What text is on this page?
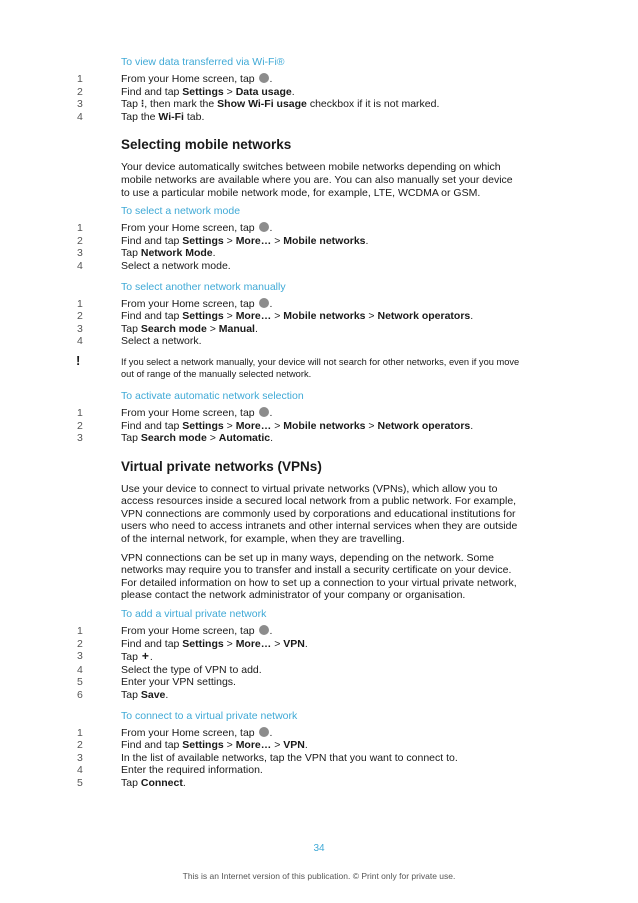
To view data transferred via Wi-Fi®
1	From your Home screen, tap .
2	Find and tap Settings > Data usage.
3	Tap ⁝, then mark the Show Wi-Fi usage checkbox if it is not marked.
4	Tap the Wi-Fi tab.
Selecting mobile networks

Your device automatically switches between mobile networks depending on which mobile networks are available where you are. You can also manually set your device to use a particular mobile network mode, for example, LTE, WCDMA or GSM.

To select a network mode
1	From your Home screen, tap .
2	Find and tap Settings > More… > Mobile networks.
3	Tap Network Mode.
4	Select a network mode.
To select another network manually
1	From your Home screen, tap .
2	Find and tap Settings > More… > Mobile networks > Network operators.
3	Tap Search mode > Manual.
4	Select a network.
!	If you select a network manually, your device will not search for other networks, even if you move out of range of the manually selected network.
To activate automatic network selection
1	From your Home screen, tap .
2	Find and tap Settings > More… > Mobile networks > Network operators.
3	Tap Search mode > Automatic.
Virtual private networks (VPNs)

Use your device to connect to virtual private networks (VPNs), which allow you to access resources inside a secured local network from a public network. For example, VPN connections are commonly used by corporations and educational institutions for users who need to access intranets and other internal services when they are outside of the internal network, for example, when they are travelling.

VPN connections can be set up in many ways, depending on the network. Some networks may require you to transfer and install a security certificate on your device. For detailed information on how to set up a connection to your virtual private network, please contact the network administrator of your company or organisation.

To add a virtual private network
1	From your Home screen, tap .
2	Find and tap Settings > More… > VPN.
3	Tap +.
4	Select the type of VPN to add.
5	Enter your VPN settings.
6	Tap Save.
To connect to a virtual private network
1	From your Home screen, tap .
2	Find and tap Settings > More… > VPN.
3	In the list of available networks, tap the VPN that you want to connect to.
4	Enter the required information.
5	Tap Connect.
34
This is an Internet version of this publication. © Print only for private use.
